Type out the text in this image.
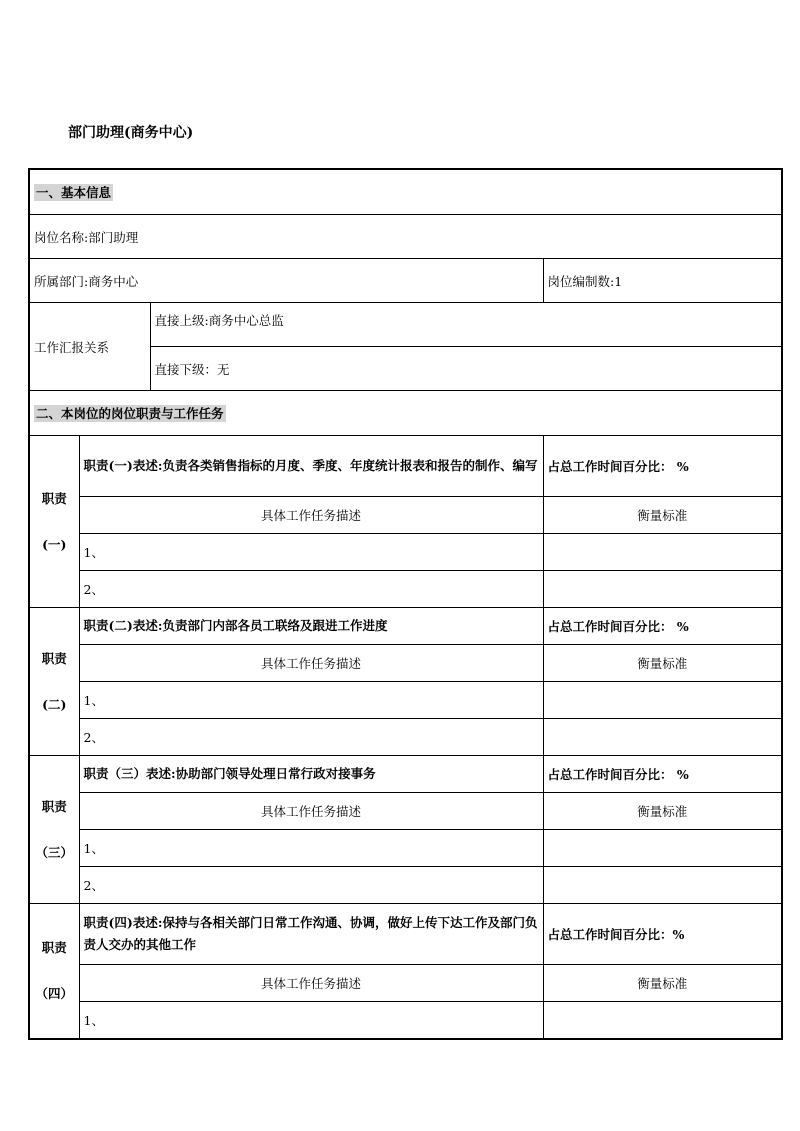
部门助理(商务中心)
一、基本信息			
岗位名称:部门助理			
所属部门:商务中心			岗位编制数:1
工作汇报关系		直接上级:商务中心总监	
		直接下级：无	
二、本岗位的岗位职责与工作任务			

职责
(一)	职责(一)表述:负责各类销售指标的月度、季度、年度统计报表和报告的制作、编写		占总工作时间百分比： %
	具体工作任务描述		衡量标准
	1、		
	2、		

职责
(二)	职责(二)表述:负责部门内部各员工联络及跟进工作进度		占总工作时间百分比： %
	具体工作任务描述		衡量标准
	1、		
	2、		

职责
（三）	职责（三）表述:协助部门领导处理日常行政对接事务		占总工作时间百分比： %
	具体工作任务描述		衡量标准
	1、		
	2、		

职责
（四）	职责(四)表述:保持与各相关部门日常工作沟通、协调，做好上传下达工作及部门负责人交办的其他工作		占总工作时间百分比：%
	具体工作任务描述		衡量标准
	1、		
